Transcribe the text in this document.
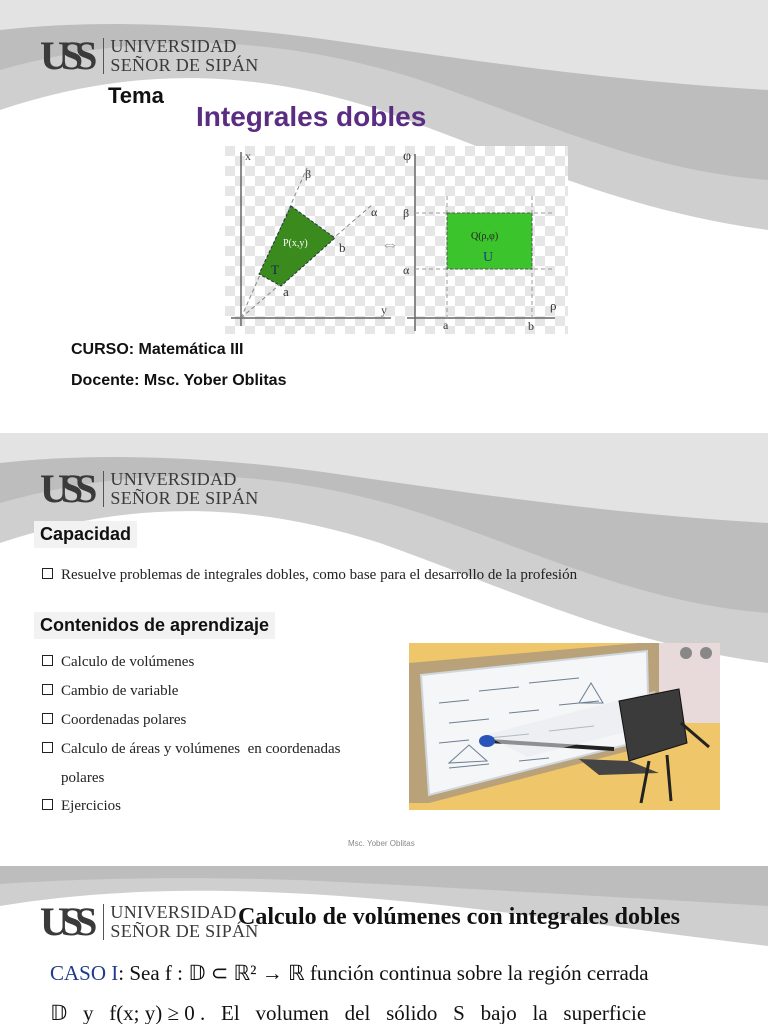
USS UNIVERSIDAD
SEÑOR DE SIPÁN
Tema
Integrales dobles
x
y
β
α
P(x,y)
T
a
b ⇔
φ
ρ
β
α
a	b
Q(ρ,φ)
U
CURSO: Matemática III
Docente: Msc. Yober Oblitas
USS UNIVERSIDAD
SEÑOR DE SIPÁN
Capacidad
Resuelve problemas de integrales dobles, como base para el desarrollo de la profesión
Contenidos de aprendizaje
Calculo de volúmenes
Cambio de variable
Coordenadas polares
Calculo de áreas y volúmenes  en coordenadas
polares
Ejercicios
Msc. Yober Oblitas
USS UNIVERSIDAD
SEÑOR DE SIPÁN
Calculo de volúmenes con integrales dobles
CASO I: Sea f : 𝔻 ⊂ ℝ² → ℝ función continua sobre la región cerrada
𝔻   y   f(x; y) ≥ 0 .   El   volumen   del   sólido   S   bajo   la   superficie
